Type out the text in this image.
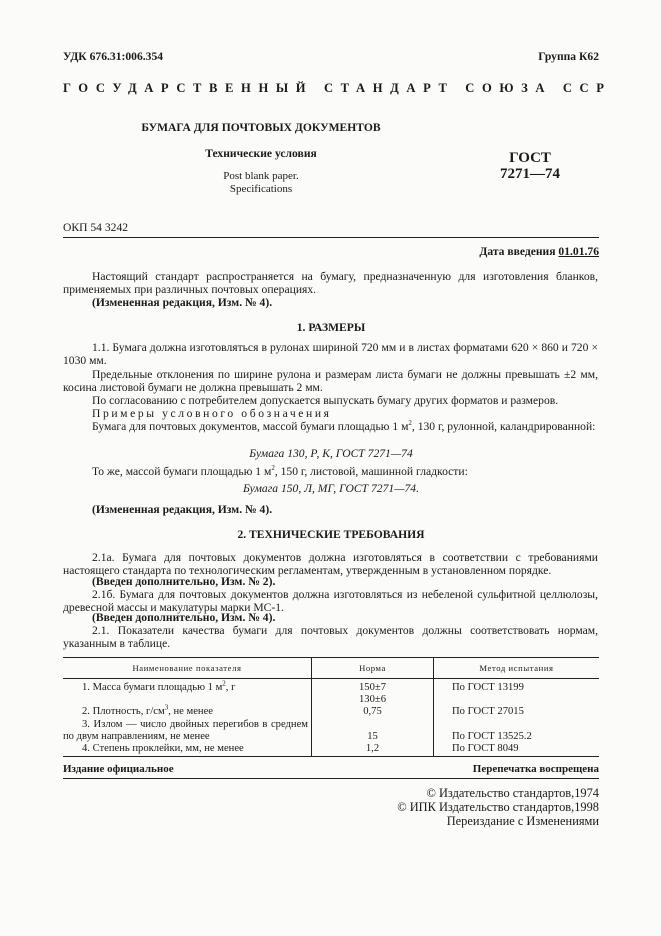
УДК 676.31:006.354	Группа К62
ГОСУДАРСТВЕННЫЙ СТАНДАРТ СОЮЗА ССР
БУМАГА ДЛЯ ПОЧТОВЫХ ДОКУМЕНТОВ
Технические условия
Post blank paper.
Specifications
ГОСТ
7271—74
ОКП 54 3242
Дата введения 01.01.76
Настоящий стандарт распространяется на бумагу, предназначенную для изготовления бланков, применяемых при различных почтовых операциях.
(Измененная редакция, Изм. № 4).
1. РАЗМЕРЫ
1.1. Бумага должна изготовляться в рулонах шириной 720 мм и в листах форматами 620 × 860 и 720 × 1030 мм.
Предельные отклонения по ширине рулона и размерам листа бумаги не должны превышать ±2 мм, косина листовой бумаги не должна превышать 2 мм.
По согласованию с потребителем допускается выпускать бумагу других форматов и размеров.
Примеры условного обозначения
Бумага для почтовых документов, массой бумаги площадью 1 $м^2$, 130 г, рулонной, каландрированной:
Бумага 130, Р, К, ГОСТ 7271—74
То же, массой бумаги площадью 1 $м^2$, 150 г, листовой, машинной гладкости:
Бумага 150, Л, МГ, ГОСТ 7271—74.
(Измененная редакция, Изм. № 4).
2. ТЕХНИЧЕСКИЕ ТРЕБОВАНИЯ
2.1а. Бумага для почтовых документов должна изготовляться в соответствии с требованиями настоящего стандарта по технологическим регламентам, утвержденным в установленном порядке.
(Введен дополнительно, Изм. № 2).
2.1б. Бумага для почтовых документов должна изготовляться из небеленой сульфитной целлюлозы, древесной массы и макулатуры марки МС-1.
(Введен дополнительно, Изм. № 4).
2.1. Показатели качества бумаги для почтовых документов должны соответствовать нормам, указанным в таблице.
Наименование показателя	Норма	Метод испытания
1. Масса бумаги площадью 1 $м^2$, г	150±7	По ГОСТ 13199
	130±6	
2. Плотность, $г/см^3$, не менее	0,75	По ГОСТ 27015

3. Излом — число двойных перегибов в среднем по двум направлениям, не менее	15	По ГОСТ 13525.2
4. Степень проклейки, мм, не менее	1,2	По ГОСТ 8049
Издание официальное	Перепечатка воспрещена
© Издательство стандартов,1974
© ИПК Издательство стандартов,1998
Переиздание с Изменениями
